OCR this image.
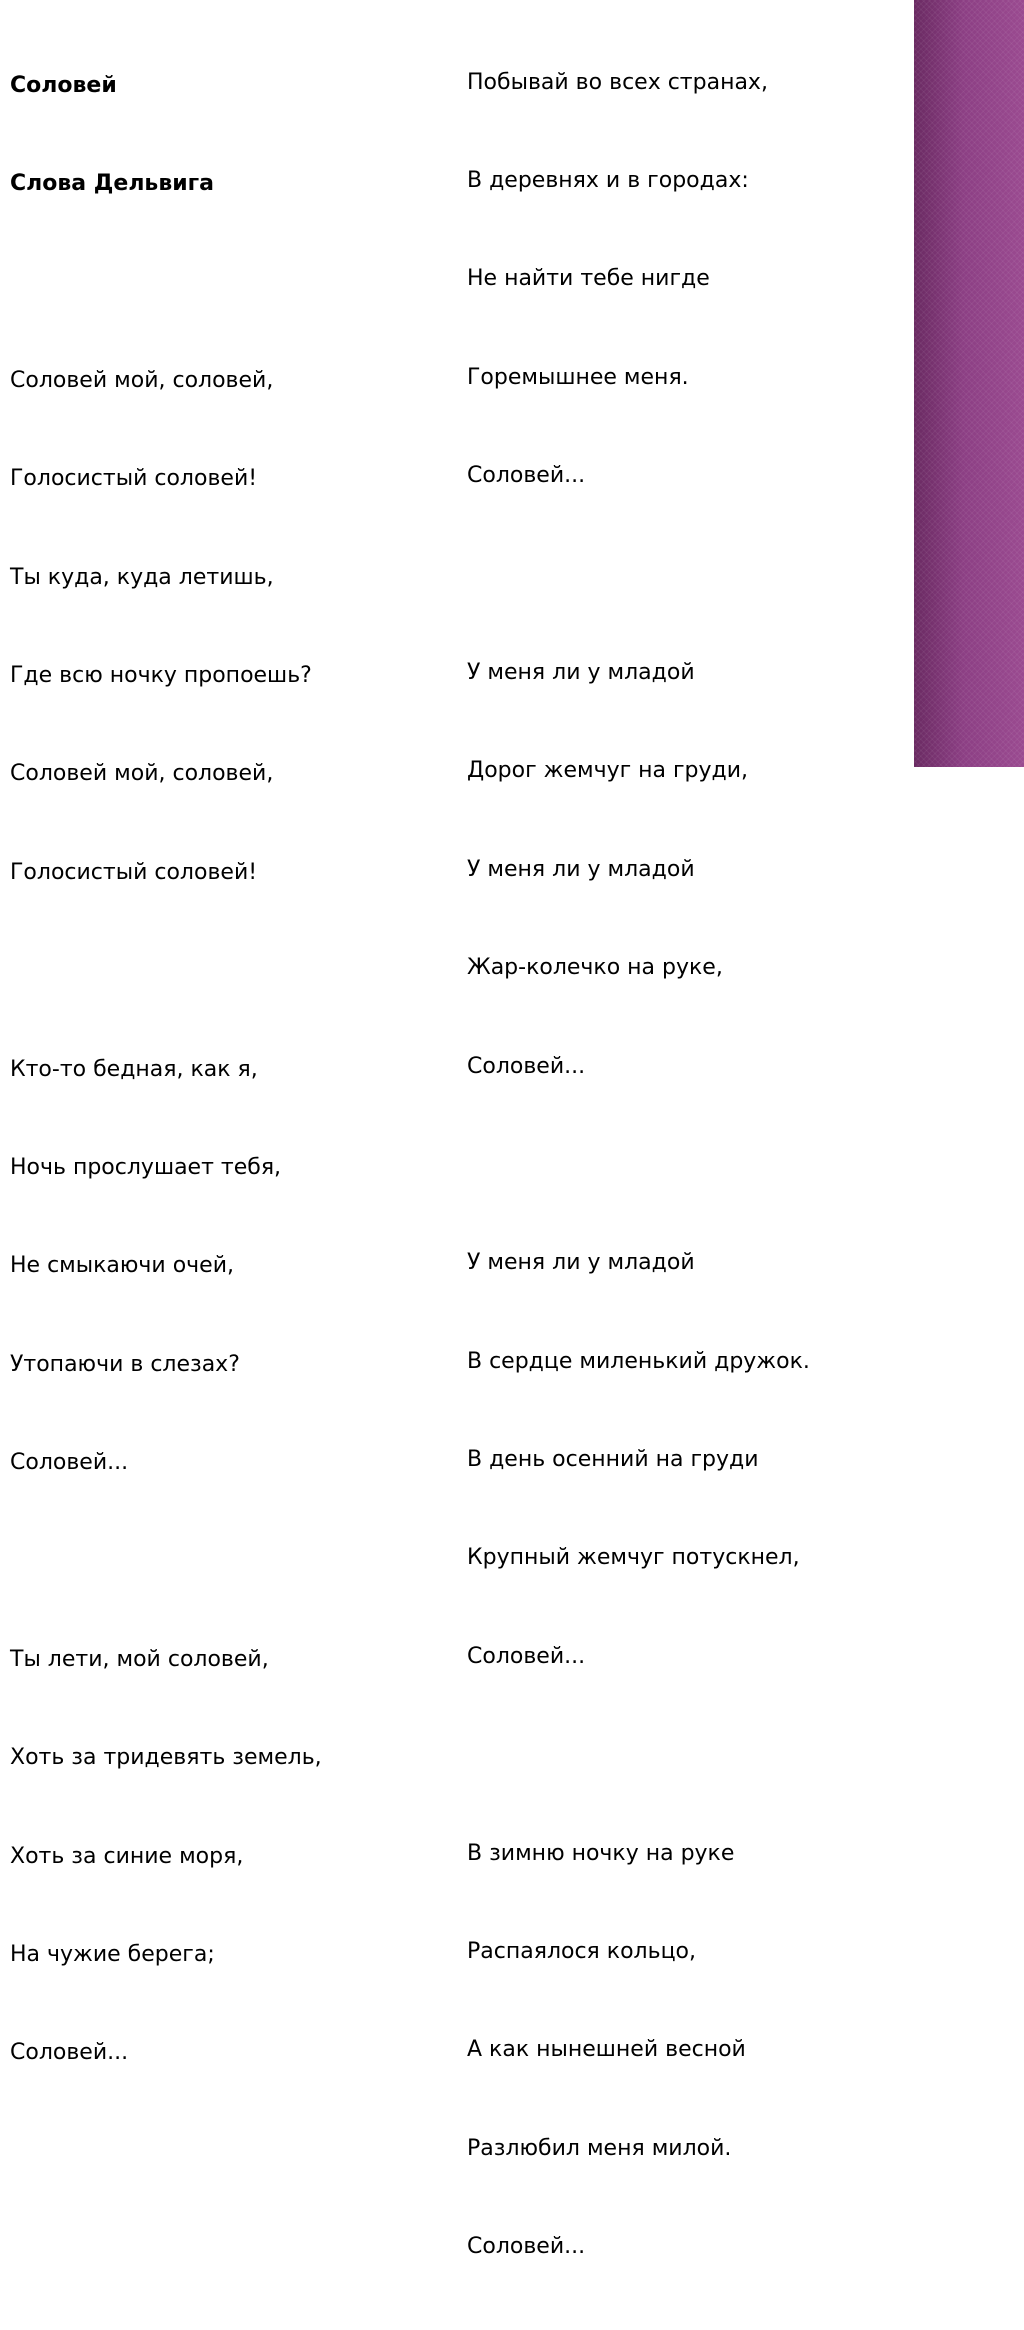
Соловей

Слова Дельвига

Соловей мой, соловей,

Голосистый соловей!

Ты куда, куда летишь,

Где всю ночку пропоешь?

Соловей мой, соловей,

Голосистый соловей!

Кто-то бедная, как я,

Ночь прослушает тебя,

Не смыкаючи очей,

Утопаючи в слезах?

Соловей...

Ты лети, мой соловей,

Хоть за тридевять земель,

Хоть за синие моря,

На чужие берега;

Соловей...

Побывай во всех странах,

В деревнях и в городах:

Не найти тебе нигде

Горемышнее меня.

Соловей...

У меня ли у младой

Дорог жемчуг на груди,

У меня ли у младой

Жар-колечко на руке,

Соловей...

У меня ли у младой

В сердце миленький дружок.

В день осенний на груди

Крупный жемчуг потускнел,

Соловей...

В зимню ночку на руке

Распаялося кольцо,

А как нынешней весной

Разлюбил меня милой.

Соловей...
